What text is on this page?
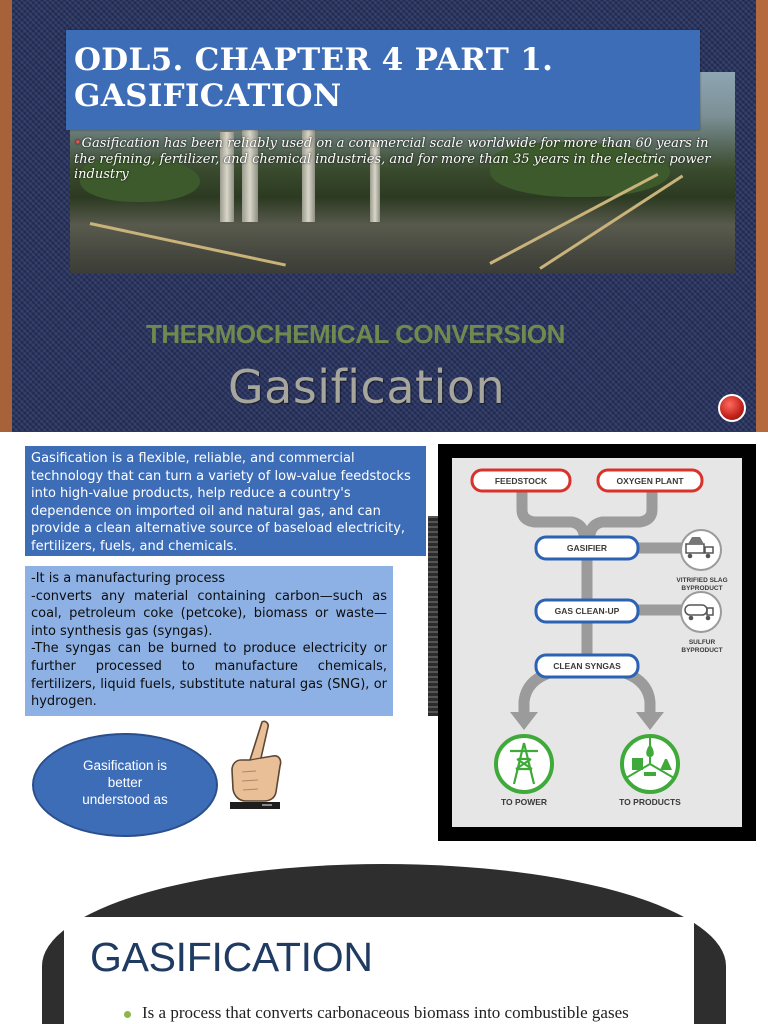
ODL5. CHAPTER 4 PART 1.
GASIFICATION
•Gasification has been reliably used on a commercial scale worldwide for more than 60 years in the refining, fertilizer, and chemical industries, and for more than 35 years in the electric power industry

THERMOCHEMICAL CONVERSION

Gasification

Gasification is a flexible, reliable, and commercial technology that can turn a variety of low-value feedstocks into high-value products, help reduce a country's dependence on imported oil and natural gas, and can provide a clean alternative source of baseload electricity, fertilizers, fuels, and chemicals.
-It is a manufacturing process
-converts any material containing carbon—such as coal, petroleum coke (petcoke), biomass or waste—into synthesis gas (syngas).
-The syngas can be burned to produce electricity or further processed to manufacture chemicals, fertilizers, liquid fuels, substitute natural gas (SNG), or hydrogen.
Gasification is better understood as
FEEDSTOCK	OXYGEN PLANT
GASIFIER
GAS CLEAN-UP
CLEAN SYNGAS
VITRIFIED SLAG
BYPRODUCT
SULFUR
BYPRODUCT
TO POWER	TO PRODUCTS
GASIFICATION
Is a process that converts carbonaceous biomass into combustible gases
